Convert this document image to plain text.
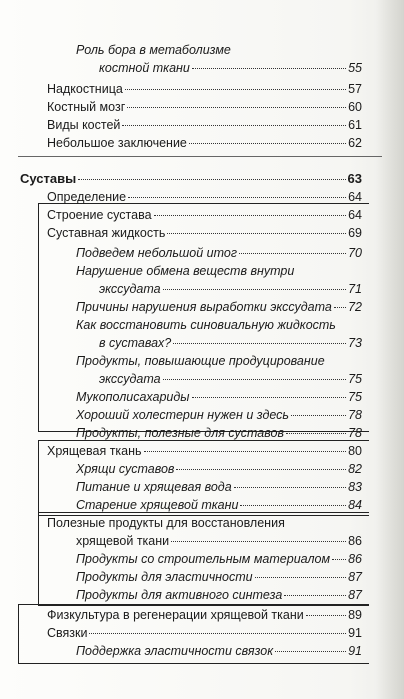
Роль бора в метаболизме
костной ткани	55
Надкостница	57
Костный мозг	60
Виды костей	61
Небольшое заключение	62
Суставы	63
Определение	64
Строение сустава	64
Суставная жидкость	69
Подведем небольшой итог	70
Нарушение обмена веществ внутри
экссудата	71
Причины нарушения выработки экссудата 72
Как восстановить синовиальную жидкость
в суставах?	73
Продукты, повышающие продуцирование
экссудата	75
Мукополисахариды	75
Хороший холестерин нужен и здесь	78
Продукты, полезные для суставов	78
Хрящевая ткань	80
Хрящи суставов	82
Питание и хрящевая вода	83
Старение хрящевой ткани	84
Полезные продукты для восстановления
хрящевой ткани	86
Продукты со строительным материалом 86
Продукты для эластичности	87
Продукты для активного синтеза	87
Физкультура в регенерации хрящевой ткани	89
Связки	91
Поддержка эластичности связок	91
